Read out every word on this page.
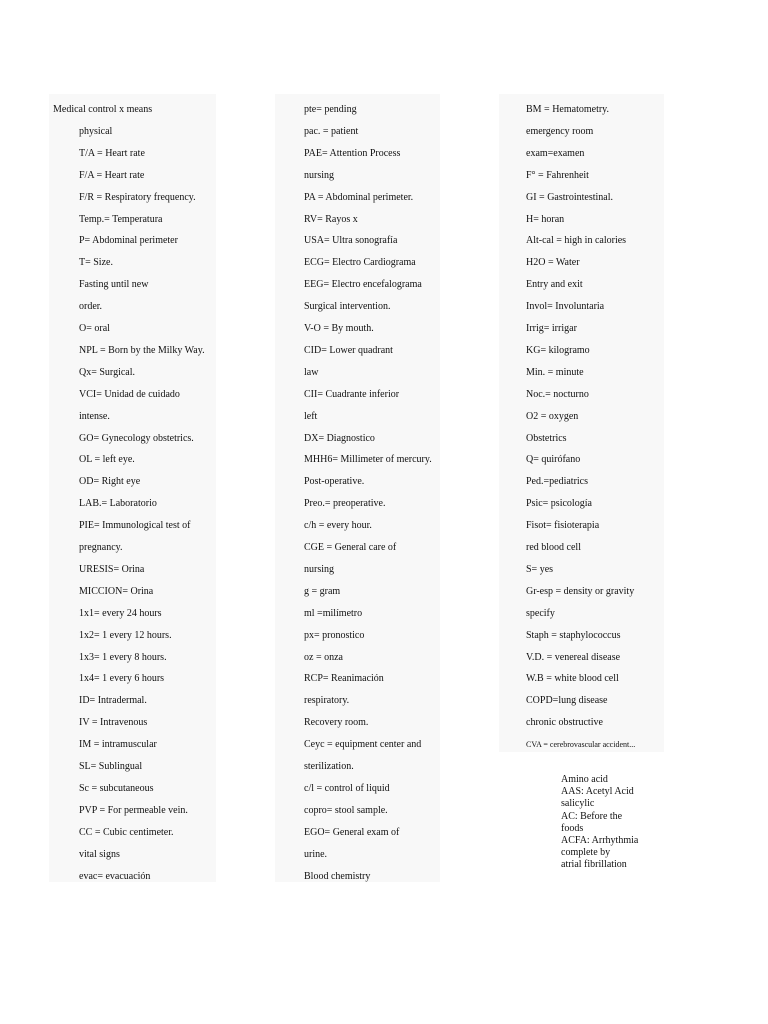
Medical control x means
physical
T/A = Heart rate
F/A = Heart rate
F/R = Respiratory frequency.
Temp.= Temperatura
P= Abdominal perimeter
T= Size.
Fasting until new
order.
O= oral
NPL = Born by the Milky Way.
Qx= Surgical.
VCI= Unidad de cuidado
intense.
GO= Gynecology obstetrics.
OL = left eye.
OD= Right eye
LAB.= Laboratorio
PIE= Immunological test of
pregnancy.
URESIS= Orina
MICCION= Orina
1x1= every 24 hours
1x2= 1 every 12 hours.
1x3= 1 every 8 hours.
1x4= 1 every 6 hours
ID= Intradermal.
IV = Intravenous
IM = intramuscular
SL= Sublingual
Sc = subcutaneous
PVP = For permeable vein.
CC = Cubic centimeter.
vital signs
evac= evacuación
pte= pending
pac. = patient
PAE= Attention Process
nursing
PA = Abdominal perimeter.
RV= Rayos x
USA= Ultra sonografía
ECG= Electro Cardiograma
EEG= Electro encefalograma
Surgical intervention.
V-O = By mouth.
CID= Lower quadrant
law
CII= Cuadrante inferior
left
DX= Diagnostico
MHH6= Millimeter of mercury.
Post-operative.
Preo.= preoperative.
c/h = every hour.
CGE = General care of
nursing
g = gram
ml =milímetro
px= pronostico
oz = onza
RCP= Reanimación
respiratory.
Recovery room.
Ceyc = equipment center and
sterilization.
c/l = control of liquid
copro= stool sample.
EGO= General exam of
urine.
Blood chemistry
BM = Hematometry.
emergency room
exam=examen
F° = Fahrenheit
GI = Gastrointestinal.
H= horan
Alt-cal = high in calories
H2O = Water
Entry and exit
Invol= Involuntaria
Irrig= irrigar
KG= kilogramo
Min. = minute
Noc.= nocturno
O2 = oxygen
Obstetrics
Q= quirófano
Ped.=pediatrics
Psic= psicología
Fisot= fisioterapia
red blood cell
S= yes
Gr-esp = density or gravity
specify
Staph = staphylococcus
V.D. = venereal disease
W.B = white blood cell
COPD=lung disease
chronic obstructive
CVA = cerebrovascular accident...
Amino acid
AAS: Acetyl Acid
salicylic
AC: Before the
foods
ACFA: Arrhythmia
complete by
atrial fibrillation
